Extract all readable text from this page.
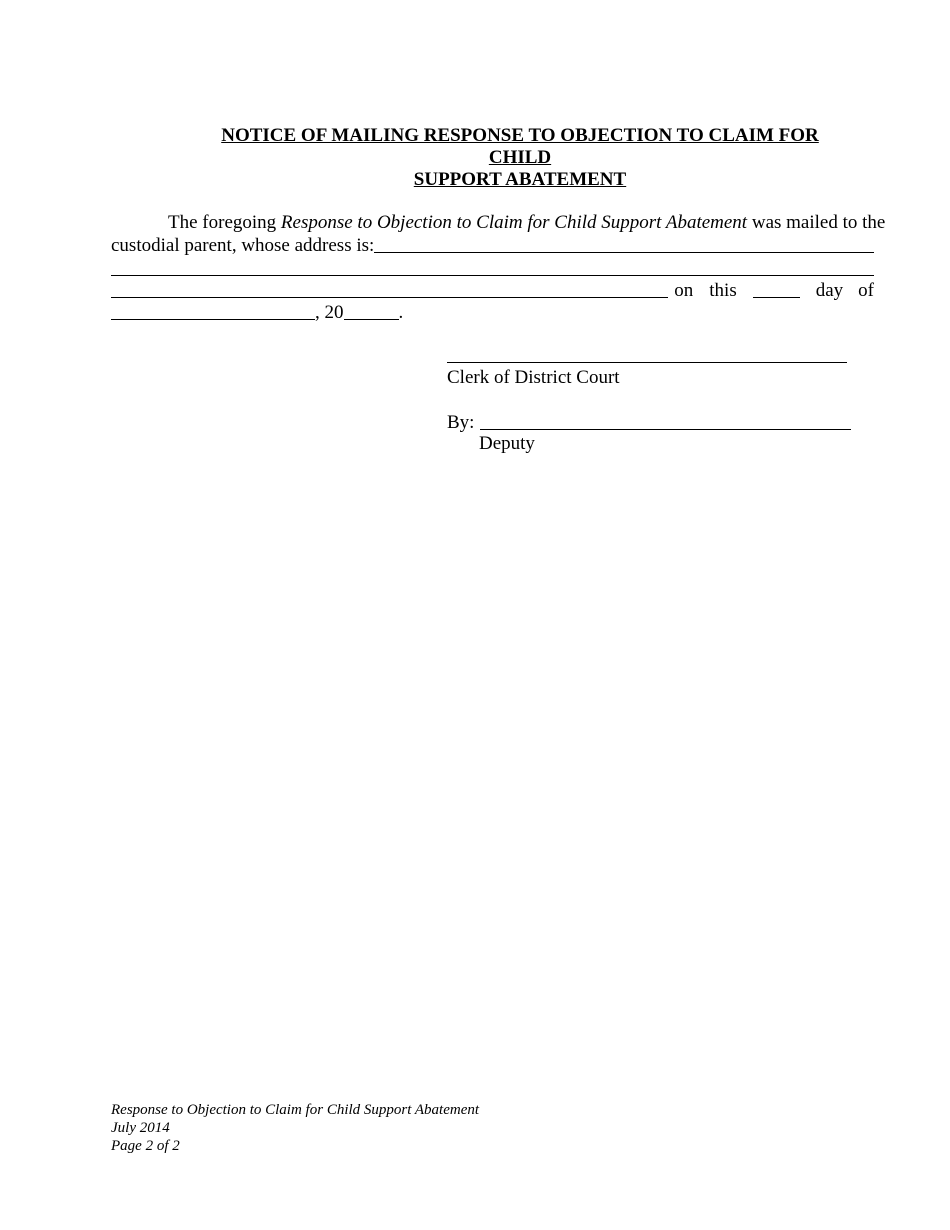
NOTICE OF MAILING RESPONSE TO OBJECTION TO CLAIM FOR CHILD
SUPPORT ABATEMENT
The foregoing Response to Objection to Claim for Child Support Abatement was mailed to the
custodial parent, whose address is:
on this	day of
, 20	.
Clerk of District Court
By:
Deputy
Response to Objection to Claim for Child Support Abatement
July 2014
Page 2 of 2
